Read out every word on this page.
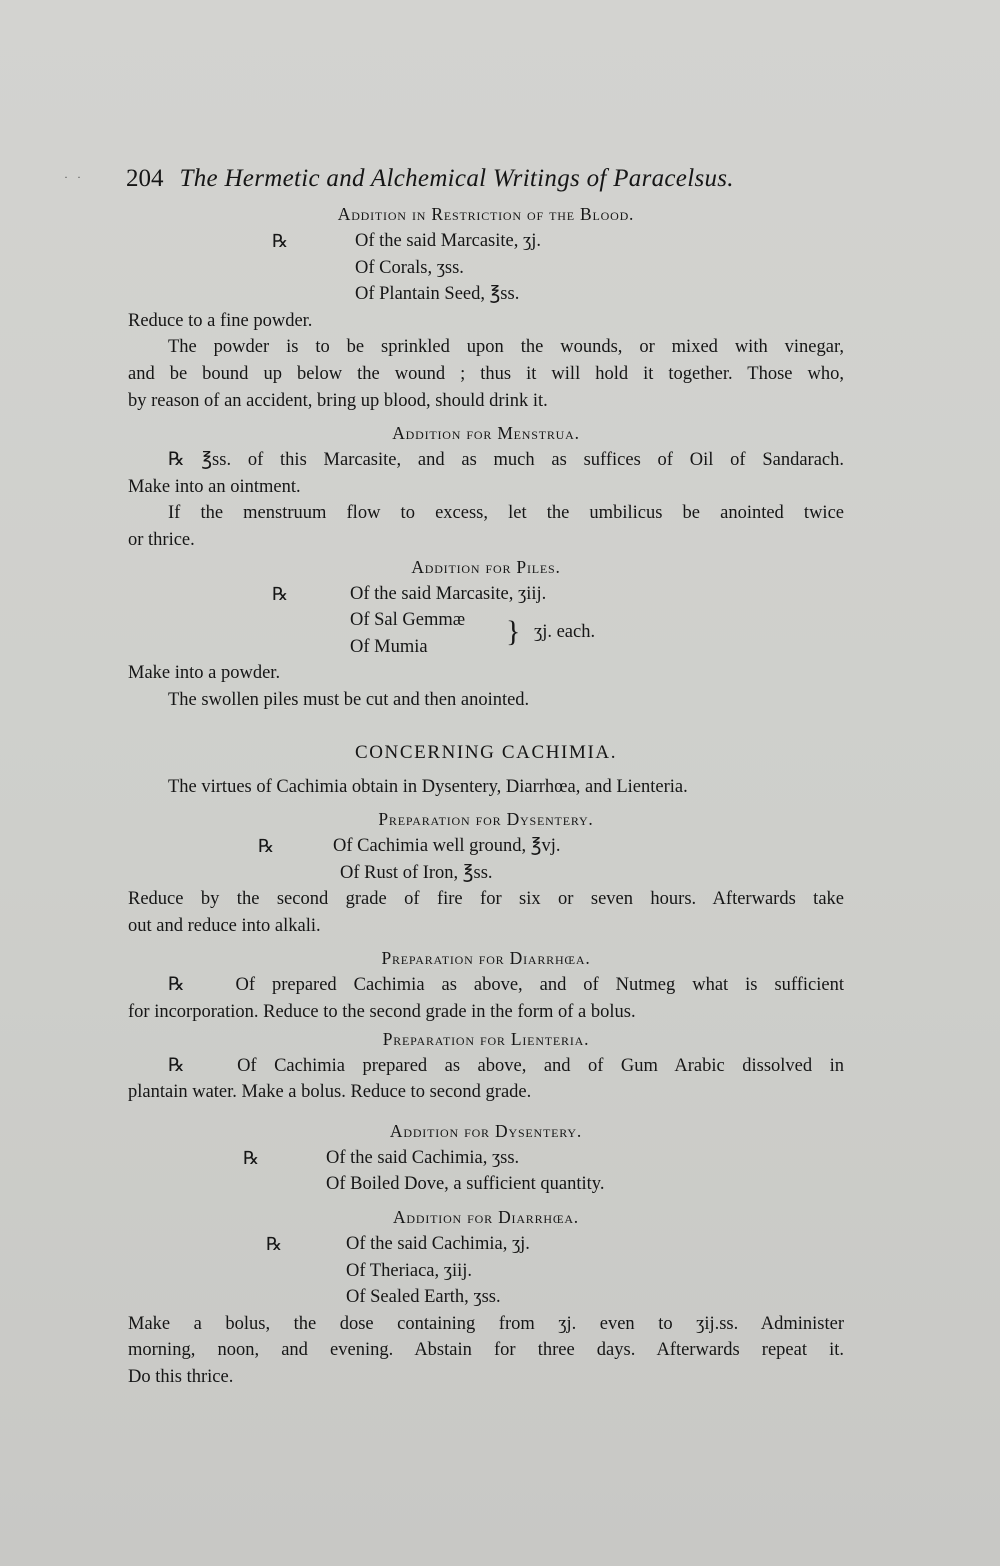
· · 204 The Hermetic and Alchemical Writings of Paracelsus.
Addition in Restriction of the Blood.
℞	Of the said Marcasite, ʒj.
Of Corals, ʒss.
Of Plantain Seed, ℥ss.
Reduce to a fine powder.
The powder is to be sprinkled upon the wounds, or mixed with vinegar,
and be bound up below the wound ; thus it will hold it together. Those who,
by reason of an accident, bring up blood, should drink it.
Addition for Menstrua.
℞ ℥ss. of this Marcasite, and as much as suffices of Oil of Sandarach.
Make into an ointment.
If the menstruum flow to excess, let the umbilicus be anointed twice
or thrice.
Addition for Piles.
℞	Of the said Marcasite, ʒiij.
Of Sal Gemmæ
Of Mumia	} ʒj. each.
Make into a powder.
The swollen piles must be cut and then anointed.
CONCERNING CACHIMIA.
The virtues of Cachimia obtain in Dysentery, Diarrhœa, and Lienteria.
Preparation for Dysentery.
℞	Of Cachimia well ground, ℥vj.
Of Rust of Iron, ℥ss.
Reduce by the second grade of fire for six or seven hours. Afterwards take
out and reduce into alkali.
Preparation for Diarrhœa.
℞	Of prepared Cachimia as above, and of Nutmeg what is sufficient
for incorporation. Reduce to the second grade in the form of a bolus.
Preparation for Lienteria.
℞	Of Cachimia prepared as above, and of Gum Arabic dissolved in
plantain water. Make a bolus. Reduce to second grade.
Addition for Dysentery.
℞	Of the said Cachimia, ʒss.
Of Boiled Dove, a sufficient quantity.
Addition for Diarrhœa.
℞	Of the said Cachimia, ʒj.
Of Theriaca, ʒiij.
Of Sealed Earth, ʒss.
Make a bolus, the dose containing from ʒj. even to ʒij.ss. Administer
morning, noon, and evening. Abstain for three days. Afterwards repeat it.
Do this thrice.
